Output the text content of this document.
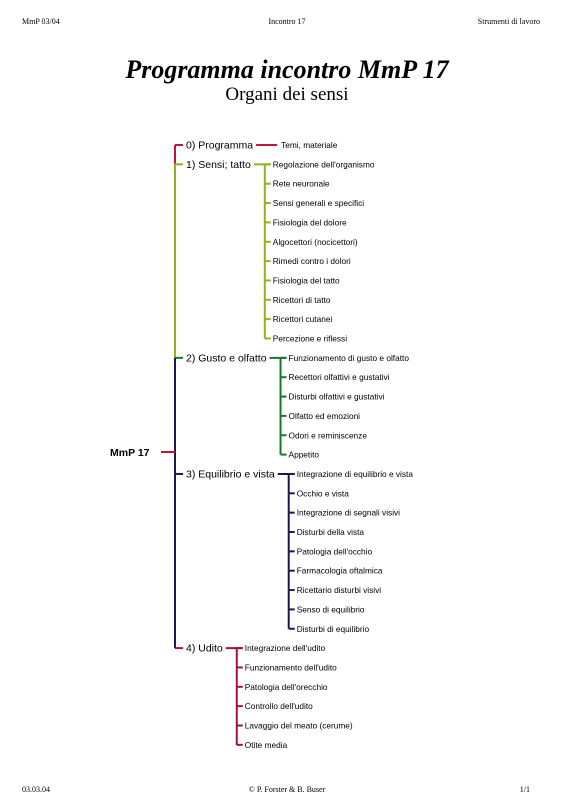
MmP 03/04	Incontro 17	Strumenti di lavoro
Programma incontro MmP 17
Organi dei sensi
0) Programma	Temi, materiale
1) Sensi; tatto	Regolazione dell'organismo
Rete neuronale
Sensi generali e specifici
Fisiologia del dolore
Algocettori (nocicettori)
Rimedi contro i dolori
Fisiologia del tatto
Ricettori di tatto
Ricettori cutanei
Percezione e riflessi
2) Gusto e olfatto	Funzionamento di gusto e olfatto
Recettori olfattivi e gustativi
Disturbi olfattivi e gustativi
Olfatto ed emozioni
Odori e reminiscenze
Appetito
3) Equilibrio e vista	Integrazione di equilibrio e vista
Occhio e vista
Integrazione di segnali visivi
Disturbi della vista
Patologia dell'occhio
Farmacologia oftalmica
Ricettario disturbi visivi
Senso di equilibrio
Disturbi di equilibrio
4) Udito	Integrazione dell'udito
Funzionamento dell'udito
Patologia dell'orecchio
Controllo dell'udito
Lavaggio del meato (cerume)
Otite media
MmP 17
03.03.04	© P. Forster & B. Buser	1/1
